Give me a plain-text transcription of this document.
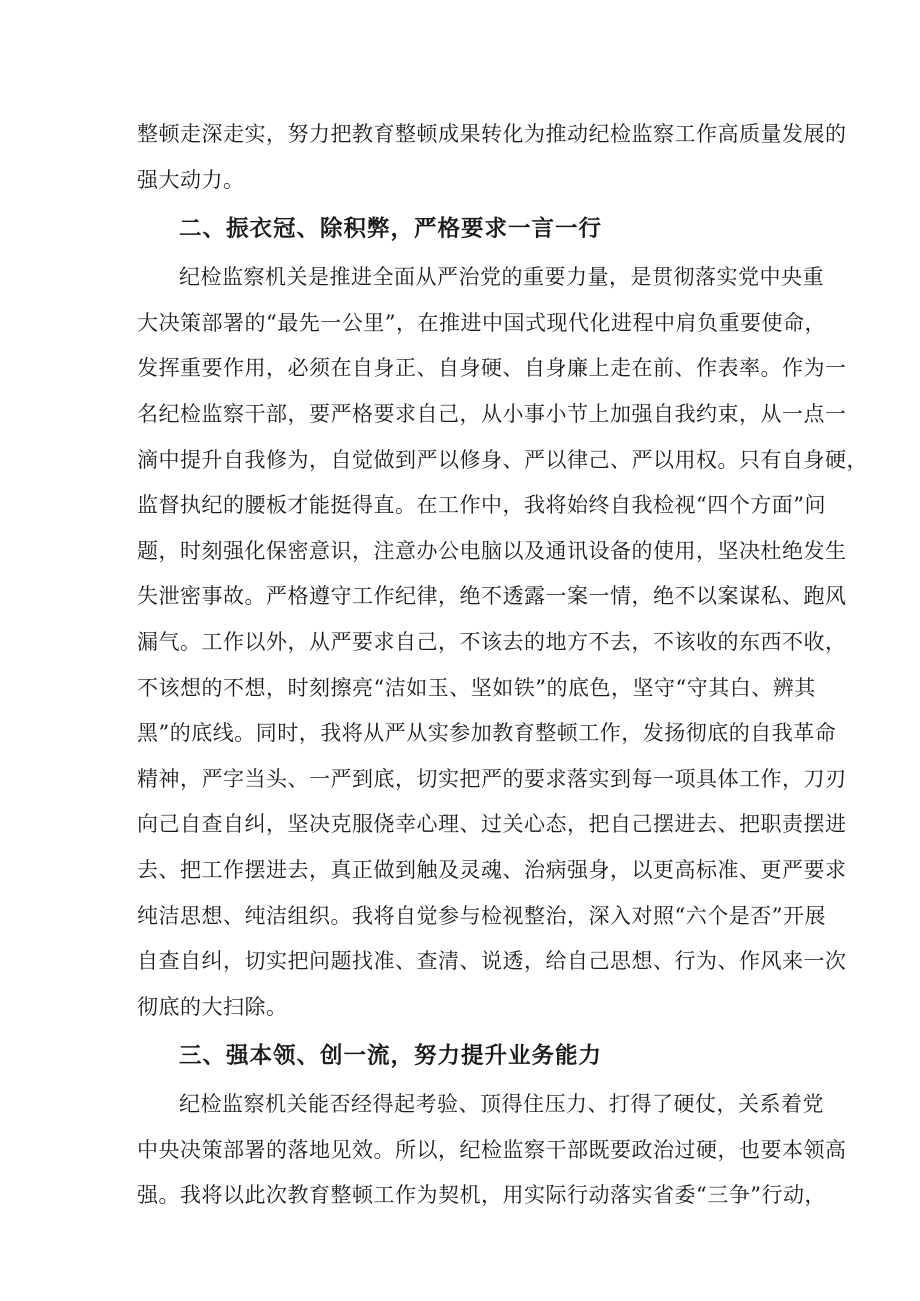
整顿走深走实，努力把教育整顿成果转化为推动纪检监察工作高质量发展的
强大动力。
二、振衣冠、除积弊，严格要求一言一行
纪检监察机关是推进全面从严治党的重要力量，是贯彻落实党中央重
大决策部署的“最先一公里”，在推进中国式现代化进程中肩负重要使命，
发挥重要作用，必须在自身正、自身硬、自身廉上走在前、作表率。作为一
名纪检监察干部，要严格要求自己，从小事小节上加强自我约束，从一点一
滴中提升自我修为，自觉做到严以修身、严以律己、严以用权。只有自身硬，
监督执纪的腰板才能挺得直。在工作中，我将始终自我检视“四个方面”问
题，时刻强化保密意识，注意办公电脑以及通讯设备的使用，坚决杜绝发生
失泄密事故。严格遵守工作纪律，绝不透露一案一情，绝不以案谋私、跑风
漏气。工作以外，从严要求自己，不该去的地方不去，不该收的东西不收，
不该想的不想，时刻擦亮“洁如玉、坚如铁”的底色，坚守“守其白、辨其
黑”的底线。同时，我将从严从实参加教育整顿工作，发扬彻底的自我革命
精神，严字当头、一严到底，切实把严的要求落实到每一项具体工作，刀刃
向己自查自纠，坚决克服侥幸心理、过关心态，把自己摆进去、把职责摆进
去、把工作摆进去，真正做到触及灵魂、治病强身，以更高标准、更严要求
纯洁思想、纯洁组织。我将自觉参与检视整治，深入对照“六个是否”开展
自查自纠，切实把问题找准、查清、说透，给自己思想、行为、作风来一次
彻底的大扫除。
三、强本领、创一流，努力提升业务能力
纪检监察机关能否经得起考验、顶得住压力、打得了硬仗，关系着党
中央决策部署的落地见效。所以，纪检监察干部既要政治过硬，也要本领高
强。我将以此次教育整顿工作为契机，用实际行动落实省委“三争”行动，
